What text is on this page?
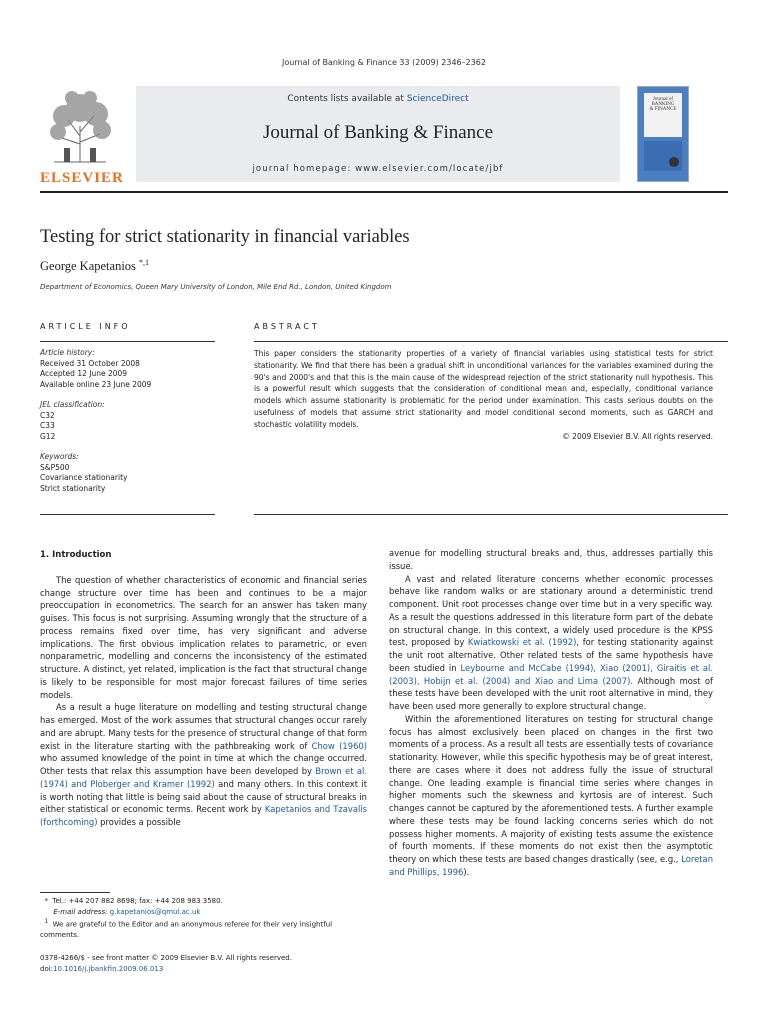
Journal of Banking & Finance 33 (2009) 2346–2362
ELSEVIER
Contents lists available at ScienceDirect
Journal of Banking & Finance
journal homepage: www.elsevier.com/locate/jbf
Journal of
BANKING
& FINANCE
Testing for strict stationarity in financial variables
George Kapetanios $^{*,1}$
Department of Economics, Queen Mary University of London, Mile End Rd., London, United Kingdom
ARTICLE INFO	ABSTRACT
Article history:
Received 31 October 2008
Accepted 12 June 2009
Available online 23 June 2009
JEL classification:
C32
C33
G12
Keywords:
S&P500
Covariance stationarity
Strict stationarity
This paper considers the stationarity properties of a variety of financial variables using statistical tests for strict stationarity. We find that there has been a gradual shift in unconditional variances for the variables examined during the 90's and 2000's and that this is the main cause of the widespread rejection of the strict stationarity null hypothesis. This is a powerful result which suggests that the consideration of conditional mean and, especially, conditional variance models which assume stationarity is problematic for the period under examination. This casts serious doubts on the usefulness of models that assume strict stationarity and model conditional second moments, such as GARCH and stochastic volatility models.
© 2009 Elsevier B.V. All rights reserved.

1. Introduction

The question of whether characteristics of economic and financial series change structure over time has been and continues to be a major preoccupation in econometrics. The search for an answer has taken many guises. This focus is not surprising. Assuming wrongly that the structure of a process remains fixed over time, has very significant and adverse implications. The first obvious implication relates to parametric, or even nonparametric, modelling and concerns the inconsistency of the estimated structure. A distinct, yet related, implication is the fact that structural change is likely to be responsible for most major forecast failures of time series models.

As a result a huge literature on modelling and testing structural change has emerged. Most of the work assumes that structural changes occur rarely and are abrupt. Many tests for the presence of structural change of that form exist in the literature starting with the pathbreaking work of Chow (1960) who assumed knowledge of the point in time at which the change occurred. Other tests that relax this assumption have been developed by Brown et al. (1974) and Ploberger and Kramer (1992) and many others. In this context it is worth noting that little is being said about the cause of structural breaks in either statistical or economic terms. Recent work by Kapetanios and Tzavalis (forthcoming) provides a possible

avenue for modelling structural breaks and, thus, addresses partially this issue.

A vast and related literature concerns whether economic processes behave like random walks or are stationary around a deterministic trend component. Unit root processes change over time but in a very specific way. As a result the questions addressed in this literature form part of the debate on structural change. In this context, a widely used procedure is the KPSS test, proposed by Kwiatkowski et al. (1992), for testing stationarity against the unit root alternative. Other related tests of the same hypothesis have been studied in Leybourne and McCabe (1994), Xiao (2001), Giraitis et al. (2003), Hobijn et al. (2004) and Xiao and Lima (2007). Although most of these tests have been developed with the unit root alternative in mind, they have been used more generally to explore structural change.

Within the aforementioned literatures on testing for structural change focus has almost exclusively been placed on changes in the first two moments of a process. As a result all tests are essentially tests of covariance stationarity. However, while this specific hypothesis may be of great interest, there are cases where it does not address fully the issue of structural change. One leading example is financial time series where changes in higher moments such the skewness and kyrtosis are of interest. Such changes cannot be captured by the aforementioned tests. A further example where these tests may be found lacking concerns series which do not possess higher moments. A majority of existing tests assume the existence of fourth moments. If these moments do not exist then the asymptotic theory on which these tests are based changes drastically (see, e.g., Loretan and Phillips, 1996).

* Tel.: +44 207 882 8698; fax: +44 208 983 3580.
E-mail address: g.kapetanios@qmul.ac.uk
$^1$ We are grateful to the Editor and an anonymous referee for their very insightful comments.
0378-4266/$ - see front matter © 2009 Elsevier B.V. All rights reserved.
doi:10.1016/j.jbankfin.2009.06.013
